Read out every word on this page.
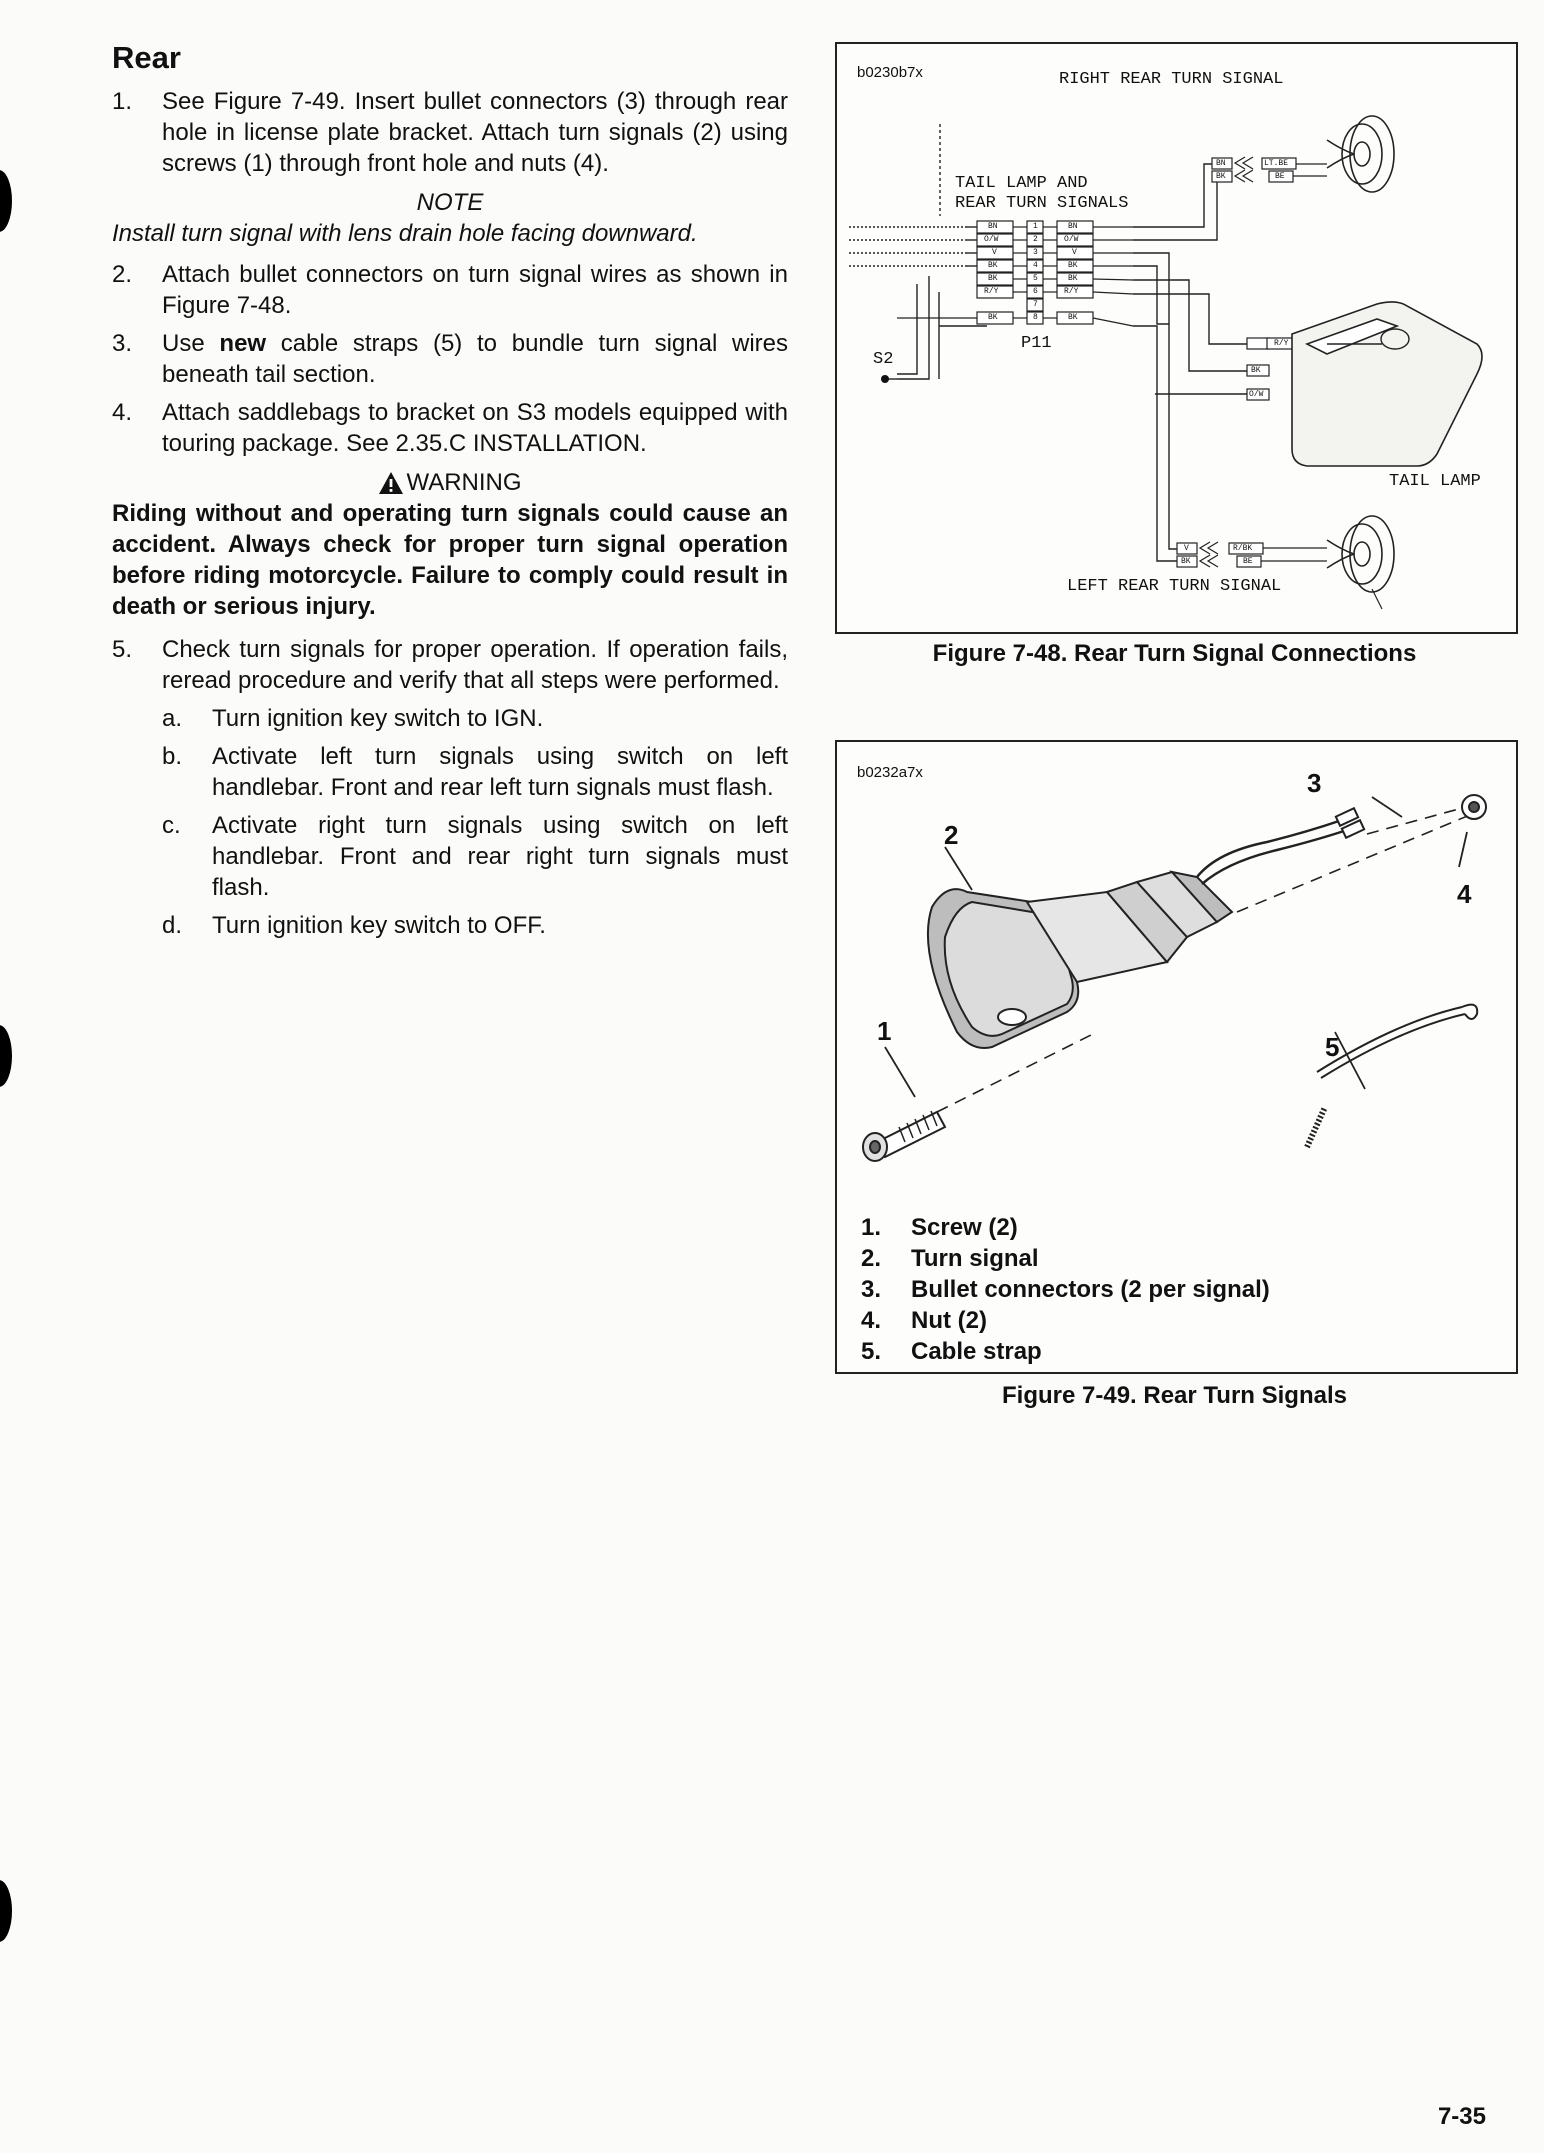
Rear
1. See Figure 7-49. Insert bullet connectors (3) through rear hole in license plate bracket. Attach turn signals (2) using screws (1) through front hole and nuts (4).
NOTE
Install turn signal with lens drain hole facing downward.
2. Attach bullet connectors on turn signal wires as shown in Figure 7-48.
3. Use new cable straps (5) to bundle turn signal wires beneath tail section.
4. Attach saddlebags to bracket on S3 models equipped with touring package. See 2.35.C INSTALLATION.
WARNING
Riding without and operating turn signals could cause an accident. Always check for proper turn signal operation before riding motorcycle. Failure to comply could result in death or serious injury.
5. Check turn signals for proper operation. If operation fails, reread procedure and verify that all steps were performed.
a. Turn ignition key switch to IGN.
b. Activate left turn signals using switch on left handlebar. Front and rear left turn signals must flash.
c. Activate right turn signals using switch on left handlebar. Front and rear right turn signals must flash.
d. Turn ignition key switch to OFF.
b0230b7x	RIGHT REAR TURN SIGNAL
TAIL LAMP AND
REAR TURN SIGNALS
P11
S2
TAIL LAMP
LEFT REAR TURN SIGNAL
BN
O/W
V
BK
BK
R/Y
BK
1
2
3
4
5
6
7
8
BN
O/W
V
BK
BK
R/Y
BK
BN	LT.BE
BK	BE
R/Y
BK
O/W
V	R/BK
BK	BE
Figure 7-48. Rear Turn Signal Connections
b0232a7x
2
3
4
1
5
1.	Screw (2)
2.	Turn signal
3.	Bullet connectors (2 per signal)
4.	Nut (2)
5.	Cable strap
Figure 7-49. Rear Turn Signals
7-35
